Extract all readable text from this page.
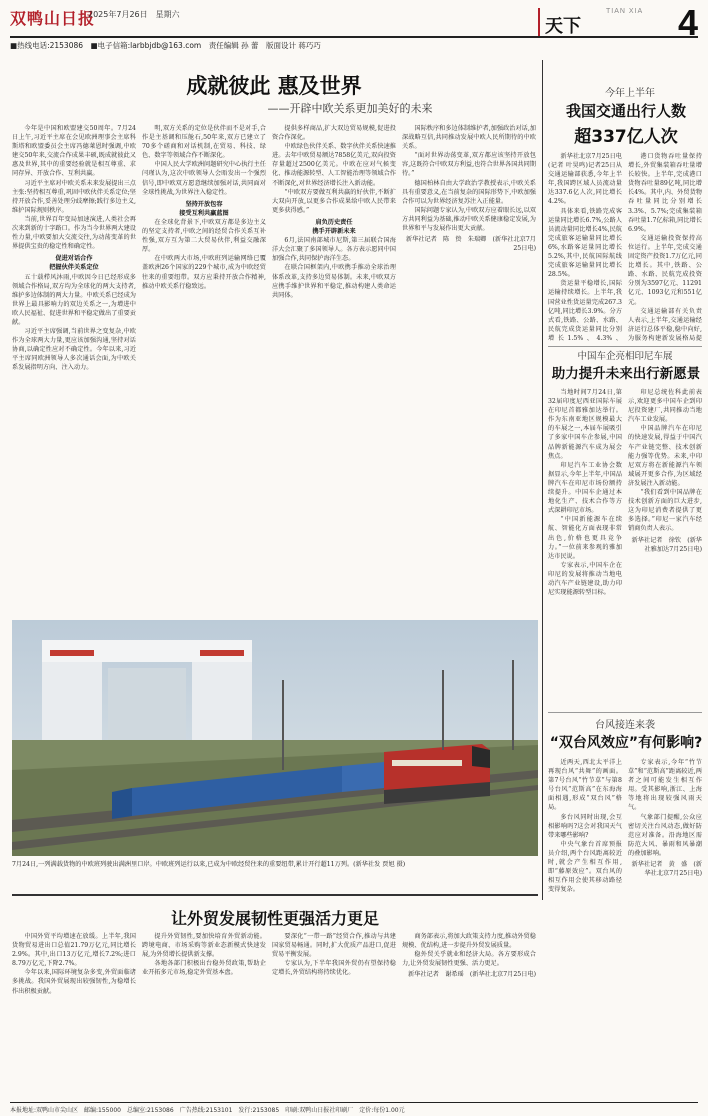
双鸭山日报
2025年7月26日　星期六
天下
TIAN XIA 4
■热线电话:2153086　■电子信箱:larbbjdb@163.com　责任编辑 孙 蕾　版面设计 蒋巧巧
成就彼此 惠及世界
——开辟中欧关系更加美好的未来

今年是中国和欧盟建交50周年。7月24日上午,习近平主席在会见欧洲理事会主席科斯塔和欧盟委员会主席冯德莱恩时强调,中欧建交50年来,交流合作成果丰硕,既成就彼此又惠及世界,其中的重要经验就是相互尊重、求同存异、开放合作、互利共赢。

习近平主席对中欧关系未来发展提出三点主张:坚持相互尊重,巩固中欧伙伴关系定位;坚持开放合作,妥善处理分歧摩擦;践行多边主义,维护国际规则秩序。

当前,世界百年变局加速演进,人类社会再次来到新的十字路口。作为当今世界两大建设性力量,中欧要加大交流交往,为动荡变革的世界提供宝贵的稳定性和确定性。

促进对话合作
把握伙伴关系定位

五十载栉风沐雨,中欧因今日已经形成多领域合作格局,双方均为全球化的两大支持者,维护多边体制的两大力量。中欧关系已经成为世界上最具影响力的双边关系之一,为增进中欧人民福祉、促进世界和平稳定做出了重要贡献。

习近平主席强调,当前世界之变复杂,中欧作为全球两大力量,更应该加强沟通,坚持对话协商,以确定性应对不确定性。今年以来,习近平主席同欧洲领导人多次通话会面,为中欧关系发展指明方向、注入动力。

明,双方关系的定位是伙伴而不是对手,合作是主基调和压舱石,50年来,双方已建立了70多个磋商和对话机制,在贸易、科技、绿色、数字等领域合作不断深化。

中国人民大学欧洲问题研究中心执行主任闫瑾认为,这次中欧领导人会晤发出一个强烈信号,即中欧双方愿意继续加强对话,共同面对全球性挑战,为世界注入稳定性。

坚持开放包容
接受互利共赢蓝图

在全球化背景下,中欧双方都是多边主义的坚定支持者,中欧之间的经贸合作关系互补性强,双方互为第二大贸易伙伴,利益交融深厚。

在中欧两大市场,中欧班列运输网络已覆盖欧洲26个国家的229个城市,成为中欧经贸往来的重要纽带。双方应秉持开放合作精神,推动中欧关系行稳致远。

提供多样商品,扩大双边贸易规模,促进投资合作深化。

中欧绿色伙伴关系、数字伙伴关系快速推进。去年中欧贸易额达7858亿美元,双向投资存量超过2500亿美元。中欧在应对气候变化、推动能源转型、人工智能治理等领域合作不断深化,对世界经济增长注入新动能。

“中欧双方要做互利共赢的好伙伴,不断扩大双向开放,以更多合作成果给中欧人民带来更多获得感。”

肩负历史责任
携手开辟新未来

6月,法国南部城市尼斯,第三届联合国海洋大会汇聚了多国领导人。各方表示愿同中国加强合作,共同保护海洋生态。

在联合国框架内,中欧携手推动全球治理体系改革,支持多边贸易体制。未来,中欧双方应携手维护世界和平稳定,推动构建人类命运共同体。

国际秩序和多边体制维护者,加强政治对话,加深战略互信,共同推动发展中欧人民所期待的中欧关系。

“面对世界动荡变革,双方都应该坚持开放包容,这既符合中欧双方利益,也符合世界各国共同期待。”

德国柏林自由大学政治学教授表示,中欧关系具有重要意义,在当前复杂的国际形势下,中欧加强合作可以为世界经济复苏注入正能量。

国际问题专家认为,中欧双方应着眼长远,以双方共同利益为基础,推动中欧关系健康稳定发展,为世界和平与发展作出更大贡献。

新华社记者　陈　贽　朱瑞卿　(新华社北京7月25日电)

7月24日,一列满载货物的中欧班列驶出满洲里口岸。中欧班列运行以来,已成为中欧经贸往来的重要纽带,累计开行超11万列。(新华社发 贾旭 摄)
今年上半年
我国交通出行人数
超337亿人次

新华社北京7月25日电(记者 叶昊鸣)记者25日从交通运输部获悉,今年上半年,我国跨区域人员流动量达337.6亿人次,同比增长4.2%。

具体来看,铁路完成客运量同比增长6.7%,公路人员流动量同比增长4%,民航完成旅客运输量同比增长6%,水路客运量同比增长5.2%,其中,民航国际航线完成旅客运输量同比增长28.5%。

货运量平稳增长,国际运输持续增长。上半年,我国营业性货运量完成267.3亿吨,同比增长3.9%。分方式看,铁路、公路、水路、民航完成货运量同比分别增长1.5%、4.3%、

港口货物吞吐量保持增长,外贸集装箱吞吐量增长较快。上半年,完成港口货物吞吐量89亿吨,同比增长4%。其中,内、外贸货物吞吐量同比分别增长3.3%、5.7%;完成集装箱吞吐量1.7亿标箱,同比增长6.9%。

交通运输投资保持高位运行。上半年,完成交通固定资产投资1.7万亿元,同比增长。其中,铁路、公路、水路、民航完成投资分别为3597亿元、11291亿元、1093亿元和551亿元。

交通运输部有关负责人表示,上半年,交通运输经济运行总体平稳,稳中向好,为服务构建新发展格局提

中国车企亮相印尼车展
助力提升未来出行新愿景

当地时间7月24日,第32届印度尼西亚国际车展在印尼首都雅加达举行。作为东南亚地区规模最大的车展之一,本届车展吸引了多家中国车企参展,中国品牌新能源汽车成为展会焦点。

印尼汽车工业协会数据显示,今年上半年,中国品牌汽车在印尼市场份额持续提升。中国车企通过本地化生产、技术合作等方式深耕印尼市场。

“中国新能源车在续航、智能化方面表现非常出色,价格也更具竞争力。”一位前来参观的雅加达市民说。

专家表示,中国车企在印尼的发展将推动当地电动汽车产业链建设,助力印尼实现能源转型目标。

印尼总统佐科此前表示,欢迎更多中国车企到印尼投资建厂,共同推动当地汽车工业发展。

中国品牌汽车在印尼的快速发展,得益于中国汽车产业链完整、技术创新能力强等优势。未来,中印尼双方将在新能源汽车领域展开更多合作,为区域经济发展注入新动能。

“我们看到中国品牌在技术创新方面的巨大进步,这为印尼消费者提供了更多选择。”印尼一家汽车经销商负责人表示。

新华社记者　徐钦　(新华社雅加达7月25日电)

台风接连来袭
“双台风效应”有何影响?

近两天,西北太平洋上再现台风“共舞”的画面。第7号台风“竹节草”与第8号台风“范斯高”在东海海面相遇,形成“双台风”格局。

多台风同时出现,会互相影响吗?这会对我国天气带来哪些影响?

中央气象台首席预报员介绍,两个台风距离较近时,就会产生相互作用,即“藤原效应”。双台风的相互作用会使其移动路径变得复杂。

专家表示,今年“竹节草”和“范斯高”距离较近,两者之间可能发生相互作用。受其影响,浙江、上海等地将出现较强风雨天气。

气象部门提醒,公众应密切关注台风动态,做好防范应对准备。沿海地区需防范大风、暴雨和风暴潮的叠加影响。

新华社记者　黄　盛　(新华社北京7月25日电)

让外贸发展韧性更强活力更足

中国外贸平均增速在放缓。上半年,我国货物贸易进出口总值21.79万亿元,同比增长2.9%。其中,出口13万亿元,增长7.2%;进口8.79万亿元,下降2.7%。

今年以来,国际环境复杂多变,外贸面临诸多挑战。我国外贸展现出较强韧性,为稳增长作出积极贡献。

提升外贸韧性,要加快培育外贸新动能。跨境电商、市场采购等新业态新模式快速发展,为外贸增长提供新支撑。

各地各部门积极出台稳外贸政策,帮助企业开拓多元市场,稳定外贸基本盘。

要深化“一带一路”经贸合作,推动与共建国家贸易畅通。同时,扩大优质产品进口,促进贸易平衡发展。

专家认为,下半年我国外贸仍有望保持稳定增长,外贸结构将持续优化。

商务部表示,将加大政策支持力度,推动外贸稳规模、优结构,进一步提升外贸发展质量。

稳外贸关乎就业和经济大局。各方要形成合力,让外贸发展韧性更强、活力更足。

新华社记者　谢希瑶　(新华社北京7月25日电)

本报地址:双鸭山市尖山区　邮编:155000　总编室:2153086　广告热线:2153101　发行:2153085　印刷:双鸭山日报社印刷厂　定价:每份1.00元
